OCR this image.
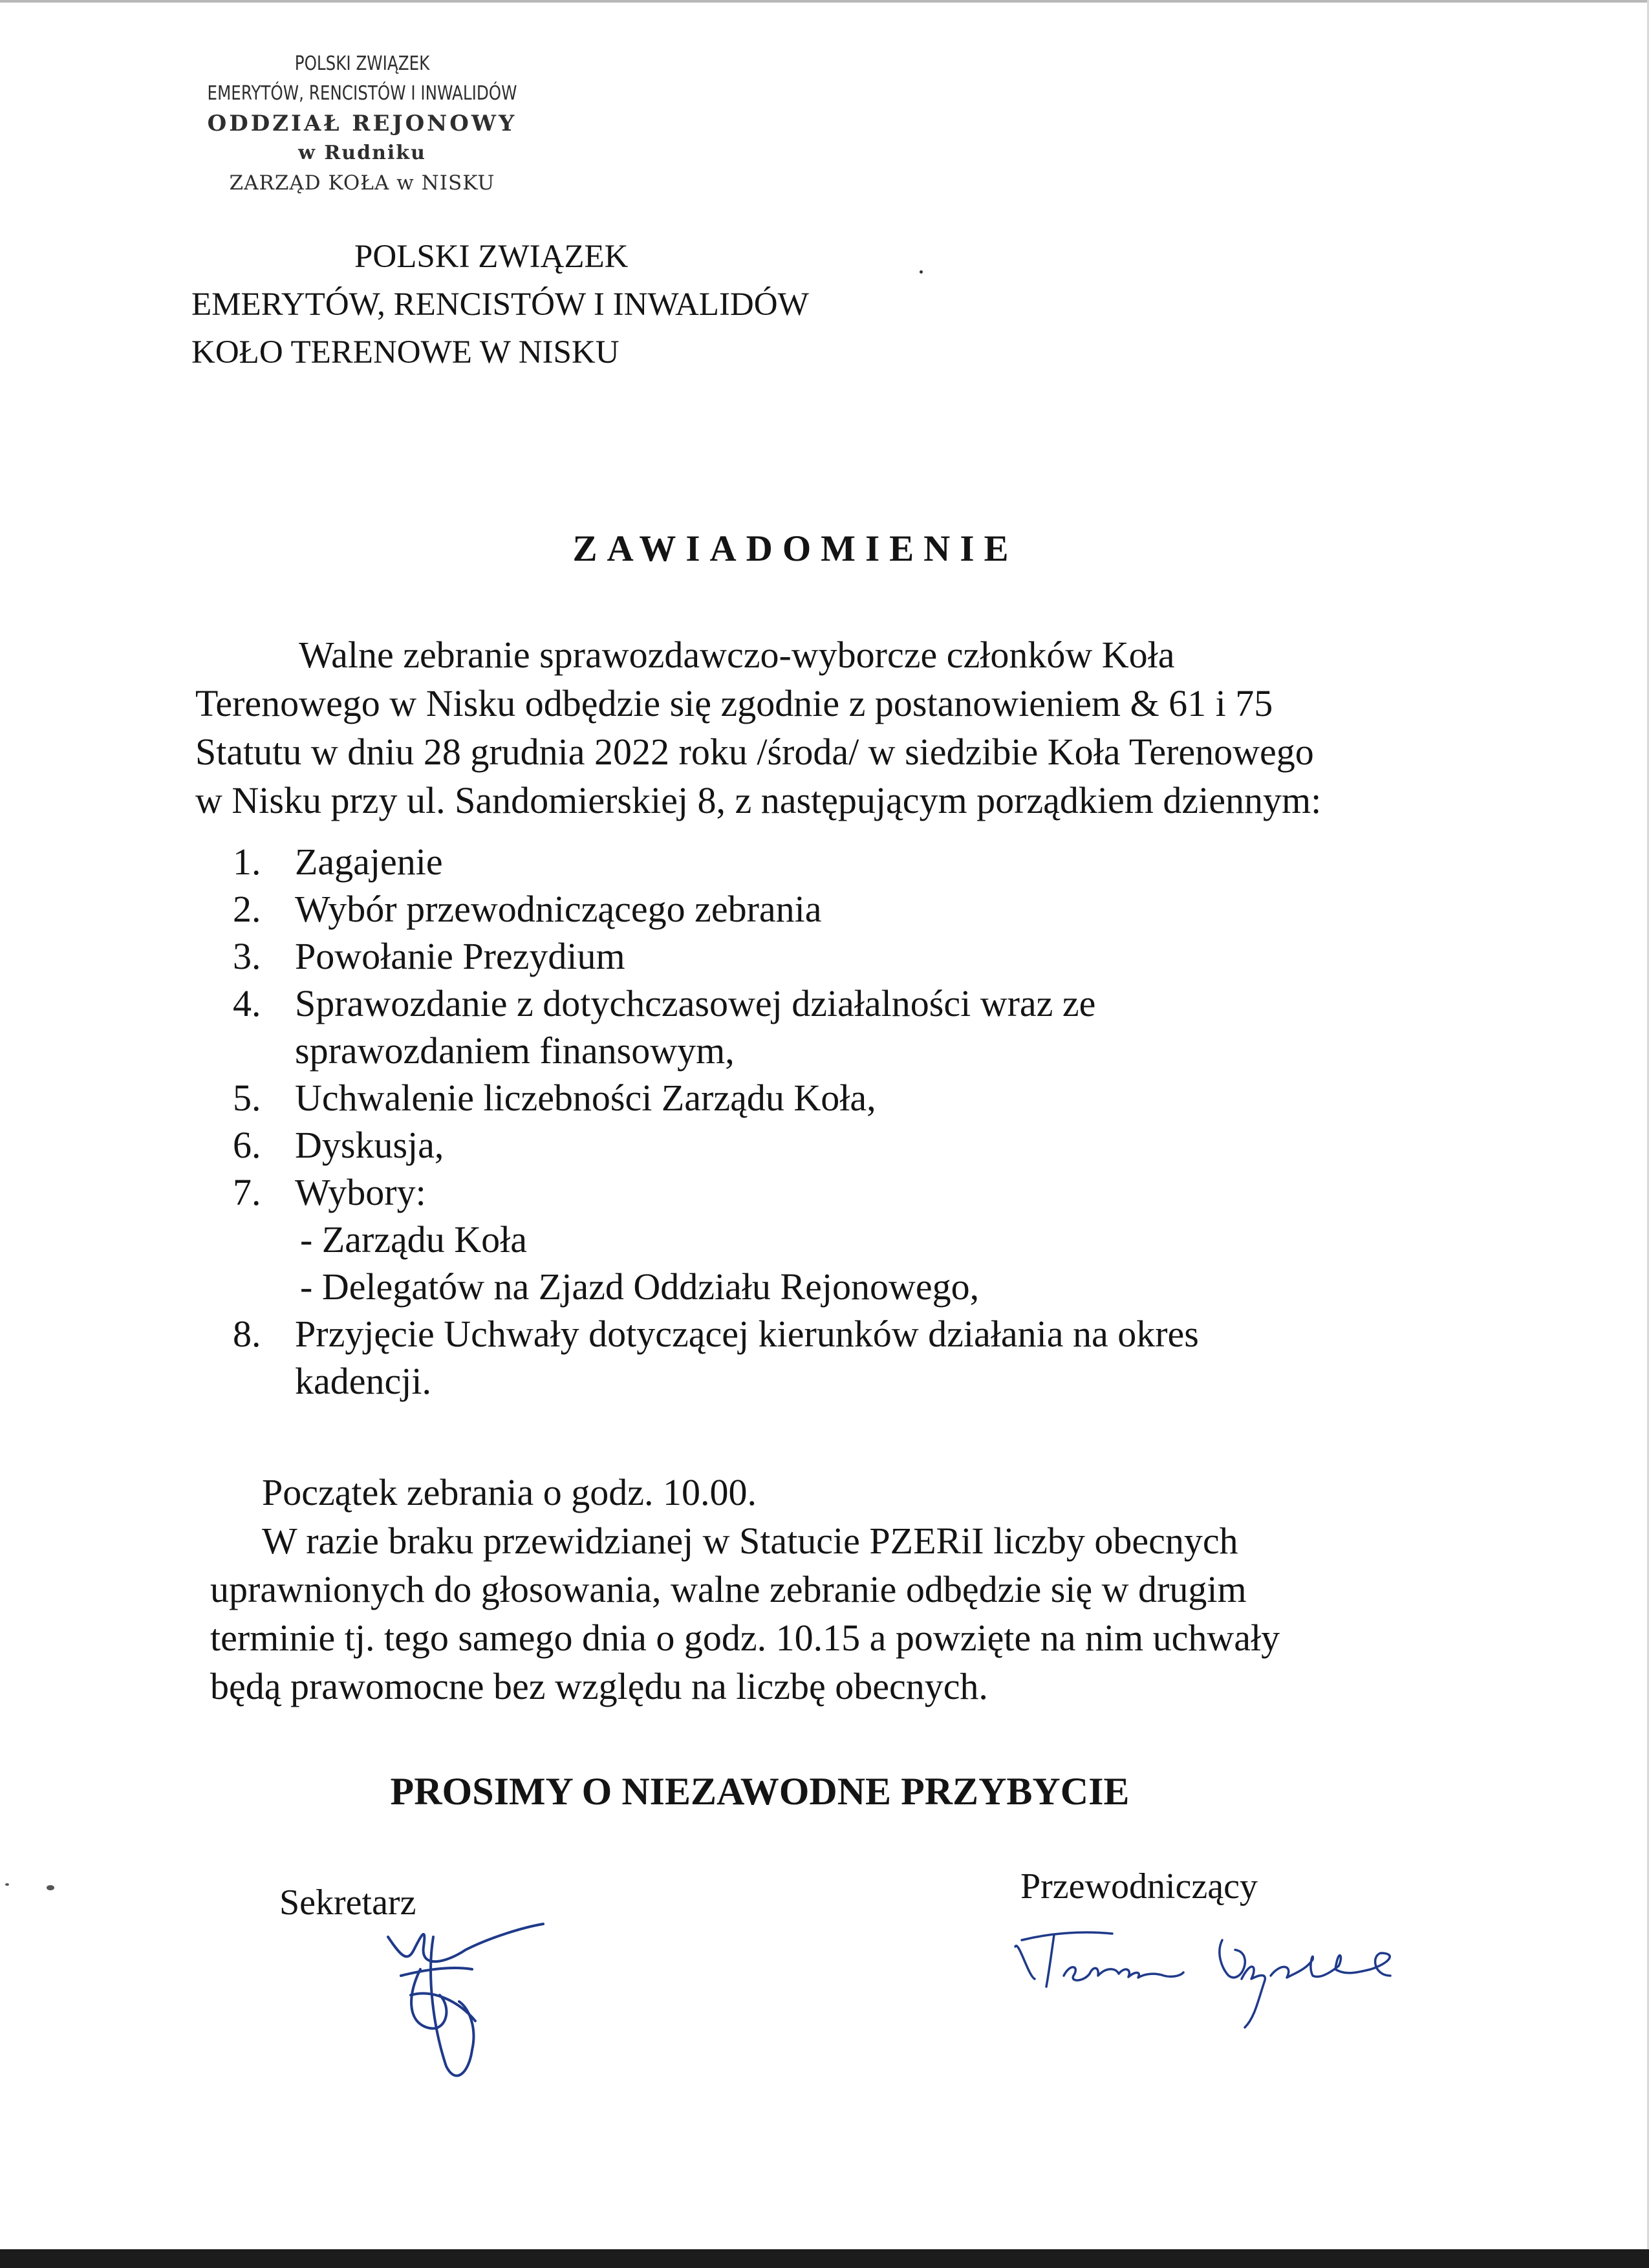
POLSKI ZWIĄZEK
EMERYTÓW, RENCISTÓW I INWALIDÓW
ODDZIAŁ REJONOWY
w Rudniku
ZARZĄD KOŁA w NISKU
POLSKI ZWIĄZEK
EMERYTÓW, RENCISTÓW I INWALIDÓW
KOŁO TERENOWE W NISKU
ZAWIADOMIENIE
Walne zebranie sprawozdawczo-wyborcze członków Koła
Terenowego w Nisku odbędzie się zgodnie z postanowieniem & 61 i 75
Statutu w dniu 28 grudnia 2022 roku /środa/ w siedzibie Koła Terenowego
w Nisku przy ul. Sandomierskiej 8, z następującym porządkiem dziennym:
1. Zagajenie
2. Wybór przewodniczącego zebrania
3. Powołanie Prezydium
4. Sprawozdanie z dotychczasowej działalności wraz ze
sprawozdaniem finansowym,
5. Uchwalenie liczebności Zarządu Koła,
6. Dyskusja,
7. Wybory:
- Zarządu Koła
- Delegatów na Zjazd Oddziału Rejonowego,
8. Przyjęcie Uchwały dotyczącej kierunków działania na okres
kadencji.
Początek zebrania o godz. 10.00.
W razie braku przewidzianej w Statucie PZERiI liczby obecnych
uprawnionych do głosowania, walne zebranie odbędzie się w drugim
terminie tj. tego samego dnia o godz. 10.15 a powzięte na nim uchwały
będą prawomocne bez względu na liczbę obecnych.
PROSIMY O NIEZAWODNE PRZYBYCIE
Sekretarz	Przewodniczący
